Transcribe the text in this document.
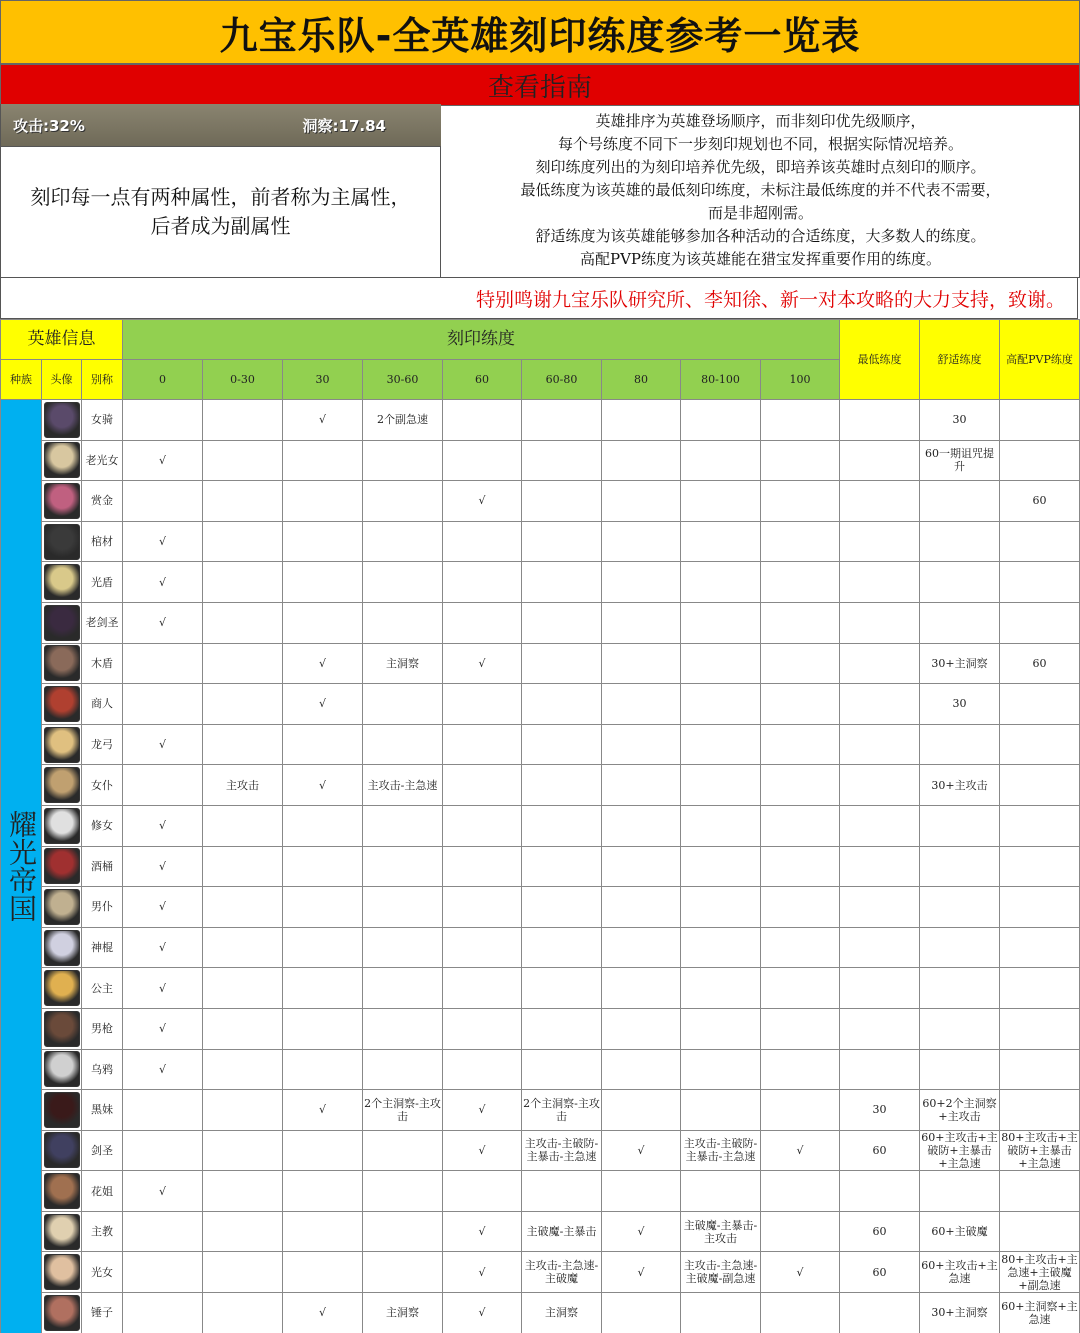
九宝乐队-全英雄刻印练度参考一览表
查看指南
攻击:32%	洞察:17.84
刻印每一点有两种属性，前者称为主属性，
后者成为副属性
英雄排序为英雄登场顺序，而非刻印优先级顺序，
每个号练度不同下一步刻印规划也不同，根据实际情况培养。
刻印练度列出的为刻印培养优先级，即培养该英雄时点刻印的顺序。
最低练度为该英雄的最低刻印练度，未标注最低练度的并不代表不需要，
而是非超刚需。
舒适练度为该英雄能够参加各种活动的合适练度，大多数人的练度。
高配PVP练度为该英雄能在猎宝发挥重要作用的练度。
特别鸣谢九宝乐队研究所、李知徐、新一对本攻略的大力支持，致谢。
英雄信息			刻印练度									最低练度	舒适练度	高配PVP练度
种族	头像	别称	0	0-30	30	30-60	60	60-80	80	80-100	100			

耀光帝国		女骑			√	2个副急速							30	

		老光女	√										60一期诅咒提升	

		赏金					√							60

		棺材	√											

		光盾	√											

		老剑圣	√											

		木盾			√	主洞察	√						30+主洞察	60

		商人			√								30	

		龙弓	√											

		女仆		主攻击	√	主攻击-主急速							30+主攻击	

		修女	√											

		酒桶	√											

		男仆	√											

		神棍	√											

		公主	√											

		男枪	√											

		乌鸦	√											

		黑妹			√	2个主洞察-主攻击	√	2个主洞察-主攻击				30	60+2个主洞察+主攻击	

		剑圣					√	主攻击-主破防-主暴击-主急速	√	主攻击-主破防-主暴击-主急速	√	60	60+主攻击+主破防+主暴击+主急速	80+主攻击+主破防+主暴击+主急速

		花姐	√											

		主教					√	主破魔-主暴击	√	主破魔-主暴击-主攻击		60	60+主破魔	

		光女					√	主攻击-主急速-主破魔	√	主攻击-主急速-主破魔-副急速	√	60	60+主攻击+主急速	80+主攻击+主急速+主破魔+副急速

		锤子			√	主洞察	√	主洞察					30+主洞察	60+主洞察+主急速
